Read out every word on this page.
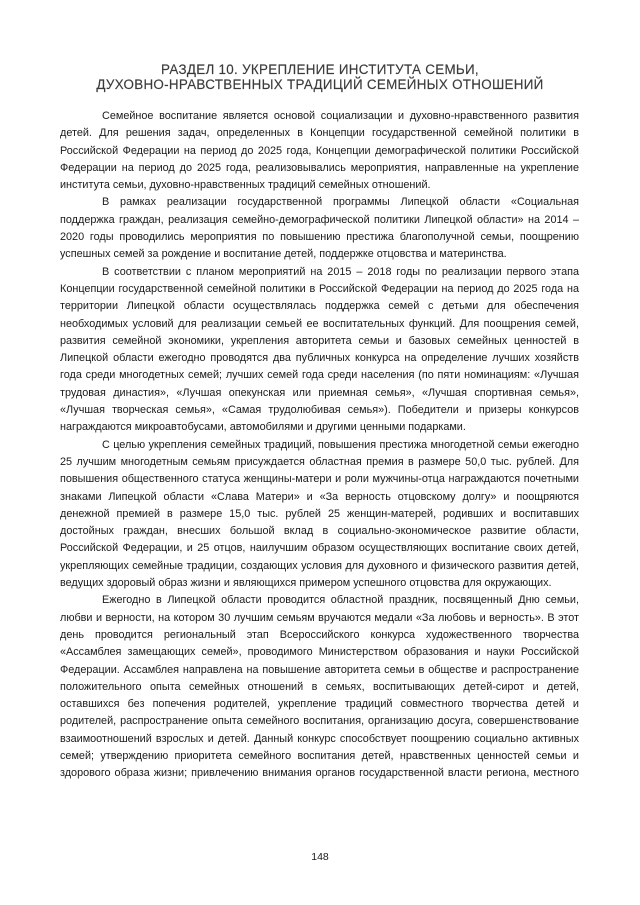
РАЗДЕЛ 10. УКРЕПЛЕНИЕ ИНСТИТУТА СЕМЬИ,
ДУХОВНО-НРАВСТВЕННЫХ ТРАДИЦИЙ СЕМЕЙНЫХ ОТНОШЕНИЙ

Семейное воспитание является основой социализации и духовно-нравственного развития детей. Для решения задач, определенных в Концепции государственной семейной политики в Российской Федерации на период до 2025 года, Концепции демографической политики Российской Федерации на период до 2025 года, реализовывались мероприятия, направленные на укрепление института семьи, духовно-нравственных традиций семейных отношений.

В рамках реализации государственной программы Липецкой области «Социальная поддержка граждан, реализация семейно-демографической политики Липецкой области» на 2014 – 2020 годы проводились мероприятия по повышению престижа благополучной семьи, поощрению успешных семей за рождение и воспитание детей, поддержке отцовства и материнства.

В соответствии с планом мероприятий на 2015 – 2018 годы по реализации первого этапа Концепции государственной семейной политики в Российской Федерации на период до 2025 года на территории Липецкой области осуществлялась поддержка семей с детьми для обеспечения необходимых условий для реализации семьей ее воспитательных функций. Для поощрения семей, развития семейной экономики, укрепления авторитета семьи и базовых семейных ценностей в Липецкой области ежегодно проводятся два публичных конкурса на определение лучших хозяйств года среди многодетных семей; лучших семей года среди населения (по пяти номинациям: «Лучшая трудовая династия», «Лучшая опекунская или приемная семья», «Лучшая спортивная семья», «Лучшая творческая семья», «Самая трудолюбивая семья»). Победители и призеры конкурсов награждаются микроавтобусами, автомобилями и другими ценными подарками.

С целью укрепления семейных традиций, повышения престижа многодетной семьи ежегодно 25 лучшим многодетным семьям присуждается областная премия в размере 50,0 тыс. рублей. Для повышения общественного статуса женщины-матери и роли мужчины-отца награждаются почетными знаками Липецкой области «Слава Матери» и «За верность отцовскому долгу» и поощряются денежной премией в размере 15,0 тыс. рублей 25 женщин-матерей, родивших и воспитавших достойных граждан, внесших большой вклад в социально-экономическое развитие области, Российской Федерации, и 25 отцов, наилучшим образом осуществляющих воспитание своих детей, укрепляющих семейные традиции, создающих условия для духовного и физического развития детей, ведущих здоровый образ жизни и являющихся примером успешного отцовства для окружающих.

Ежегодно в Липецкой области проводится областной праздник, посвященный Дню семьи, любви и верности, на котором 30 лучшим семьям вручаются медали «За любовь и верность». В этот день проводится региональный этап Всероссийского конкурса художественного творчества «Ассамблея замещающих семей», проводимого Министерством образования и науки Российской Федерации. Ассамблея направлена на повышение авторитета семьи в обществе и распространение положительного опыта семейных отношений в семьях, воспитывающих детей-сирот и детей, оставшихся без попечения родителей, укрепление традиций совместного творчества детей и родителей, распространение опыта семейного воспитания, организацию досуга, совершенствование взаимоотношений взрослых и детей. Данный конкурс способствует поощрению социально активных семей; утверждению приоритета семейного воспитания детей, нравственных ценностей семьи и здорового образа жизни; привлечению внимания органов государственной власти региона, местного

148
